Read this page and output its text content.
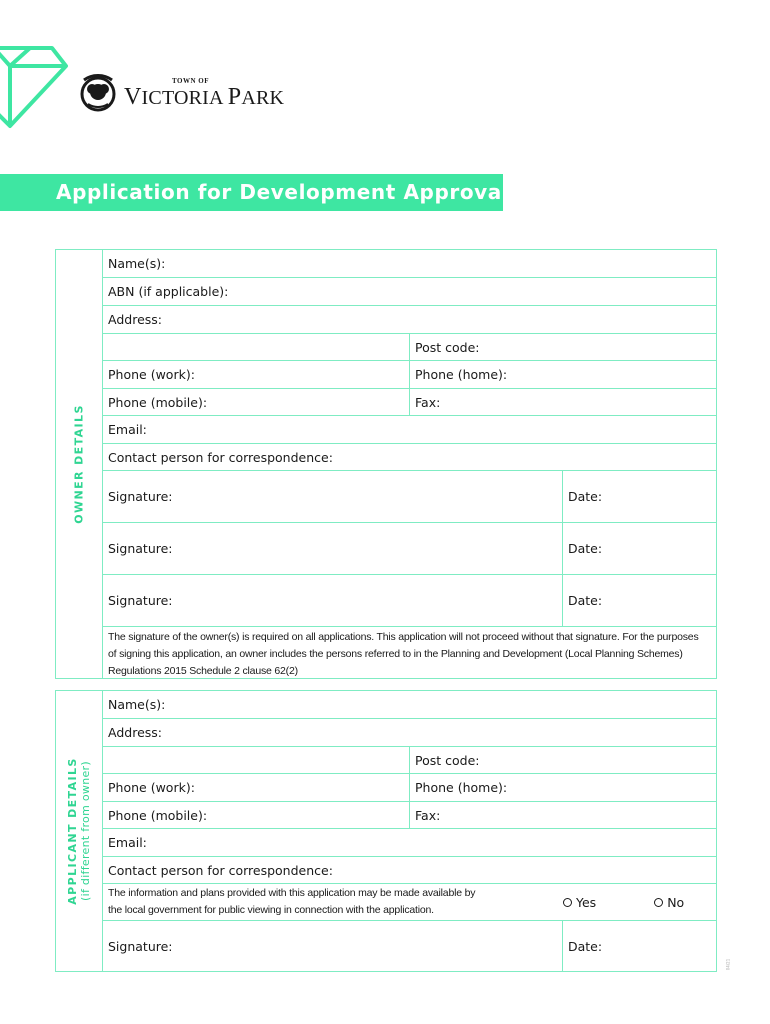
TOWN OF
VICTORIA PARK
Application for Development Approval
OWNER DETAILS
Name(s):
ABN (if applicable):
Address:
Post code:
Phone (work):	Phone (home):
Phone (mobile):	Fax:
Email:
Contact person for correspondence:
Signature:	Date:
Signature:	Date:
Signature:	Date:
The signature of the owner(s) is required on all applications. This application will not proceed without that signature. For the purposes of signing this application, an owner includes the persons referred to in the Planning and Development (Local Planning Schemes) Regulations 2015 Schedule 2 clause 62(2)
APPLICANT DETAILS (if different from owner)
Name(s):
Address:
Post code:
Phone (work):	Phone (home):
Phone (mobile):	Fax:
Email:
Contact person for correspondence:
The information and plans provided with this application may be made available by the local government for public viewing in connection with the application.
Yes	No
Signature:	Date:
04/21
